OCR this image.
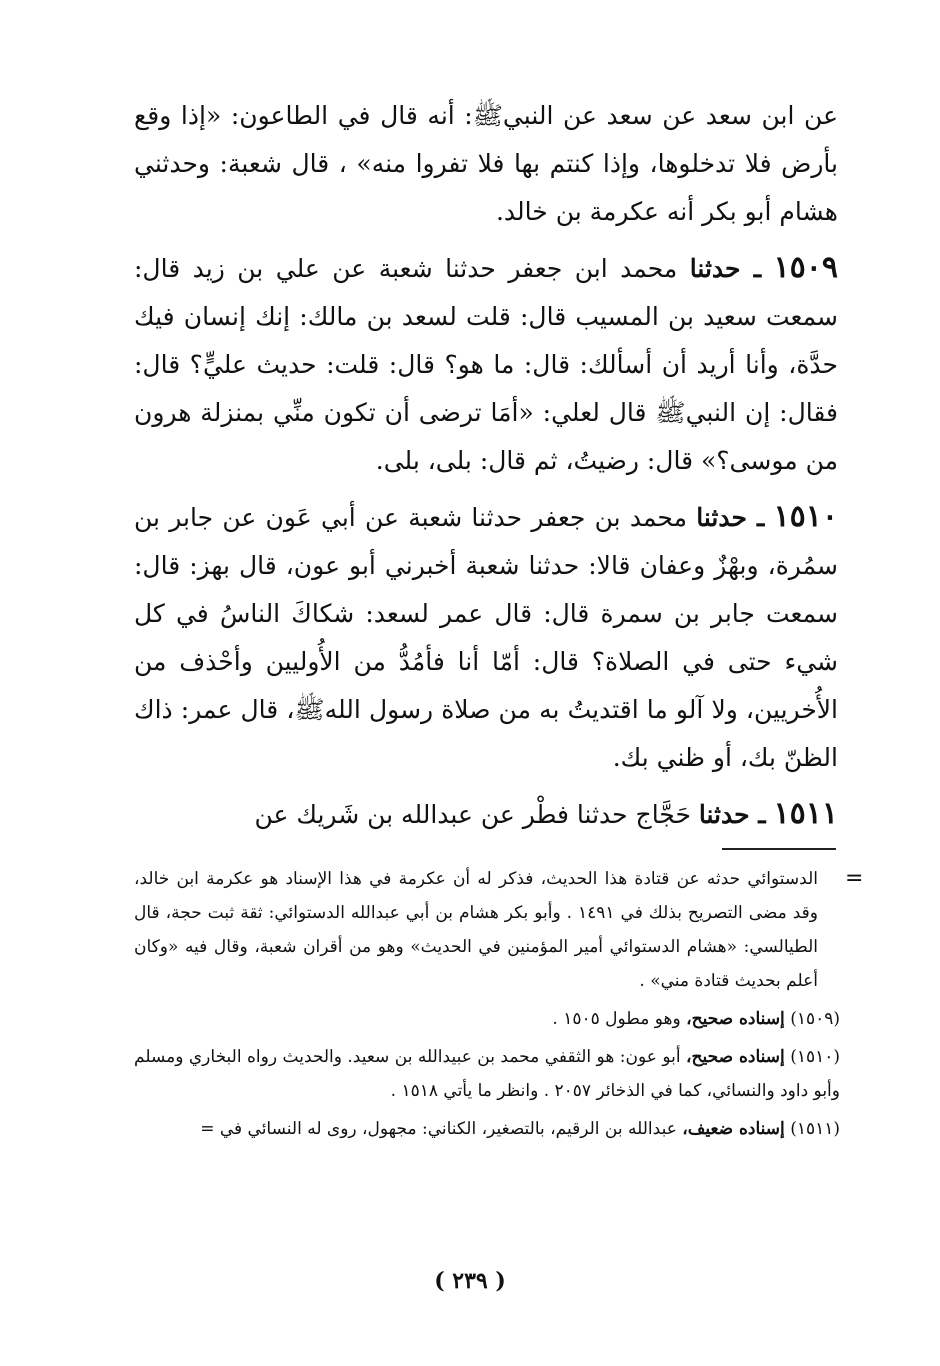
عن ابن سعد عن سعد عن النبيﷺ: أنه قال في الطاعون: «إذا وقع بأرض فلا تدخلوها، وإذا كنتم بها فلا تفروا منه» ، قال شعبة: وحدثني هشام أبو بكر أنه عكرمة بن خالد.

١٥٠٩ ـ حدثنا محمد ابن جعفر حدثنا شعبة عن علي بن زيد قال: سمعت سعيد بن المسيب قال: قلت لسعد بن مالك: إنك إنسان فيك حدَّة، وأنا أريد أن أسألك: قال: ما هو؟ قال: قلت: حديث عليٍّ؟ قال: فقال: إن النبيﷺ قال لعلي: «أمَا ترضى أن تكون منِّي بمنزلة هرون من موسى؟» قال: رضيتُ، ثم قال: بلى، بلى.

١٥١٠ ـ حدثنا محمد بن جعفر حدثنا شعبة عن أبي عَون عن جابر بن سمُرة، وبهْزٌ وعفان قالا: حدثنا شعبة أخبرني أبو عون، قال بهز: قال: سمعت جابر بن سمرة قال: قال عمر لسعد: شكاكَ الناسُ في كل شيء حتى في الصلاة؟ قال: أمّا أنا فأمُدُّ من الأُوليين وأحْذف من الأُخريين، ولا آلو ما اقتديتُ به من صلاة رسول اللهﷺ، قال عمر: ذاك الظنّ بك، أو ظني بك.

١٥١١ ـ حدثنا حَجَّاج حدثنا فطْر عن عبدالله بن شَريك عن

=

الدستوائي حدثه عن قتادة هذا الحديث، فذكر له أن عكرمة في هذا الإسناد هو عكرمة ابن خالد، وقد مضى التصريح بذلك في ١٤٩١ . وأبو بكر هشام بن أبي عبدالله الدستوائي: ثقة ثبت حجة، قال الطيالسي: «هشام الدستوائي أمير المؤمنين في الحديث» وهو من أقران شعبة، وقال فيه «وكان أعلم بحديث قتادة مني» .

(١٥٠٩) إسناده صحيح، وهو مطول ١٥٠٥ .

(١٥١٠) إسناده صحيح، أبو عون: هو الثقفي محمد بن عبيدالله بن سعيد. والحديث رواه البخاري ومسلم وأبو داود والنسائي، كما في الذخائر ٢٠٥٧ . وانظر ما يأتي ١٥١٨ .

(١٥١١) إسناده ضعيف، عبدالله بن الرقيم، بالتصغير، الكناني: مجهول، روى له النسائي في =

( ٢٣٩ )
